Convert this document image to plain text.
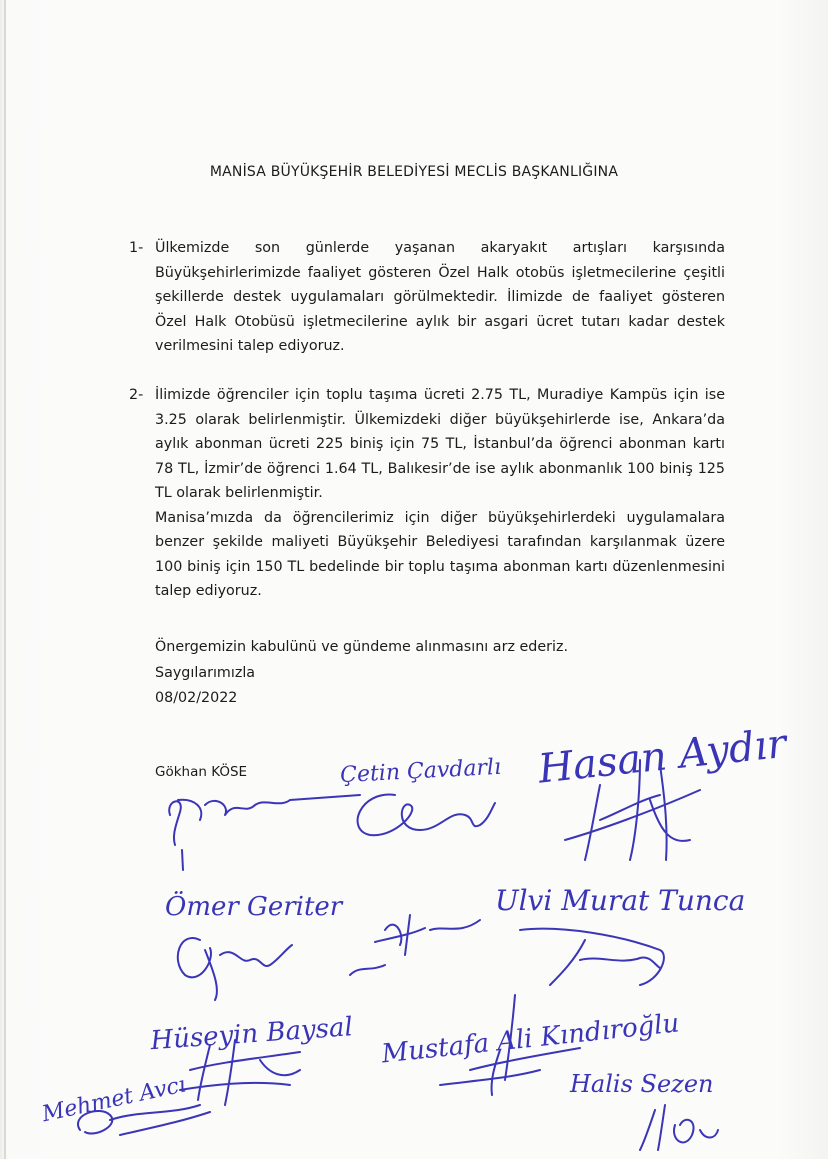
MANİSA BÜYÜKŞEHİR BELEDİYESİ MECLİS BAŞKANLIĞINA
1- Ülkemizde son günlerde yaşanan akaryakıt artışları karşısında Büyükşehirlerimizde faaliyet gösteren Özel Halk otobüs işletmecilerine çeşitli şekillerde destek uygulamaları görülmektedir. İlimizde de faaliyet gösteren Özel Halk Otobüsü işletmecilerine aylık bir asgari ücret tutarı kadar destek verilmesini talep ediyoruz.
2- İlimizde öğrenciler için toplu taşıma ücreti 2.75 TL, Muradiye Kampüs için ise 3.25 olarak belirlenmiştir. Ülkemizdeki diğer büyükşehirlerde ise, Ankara’da aylık abonman ücreti 225 biniş için 75 TL, İstanbul’da öğrenci abonman kartı 78 TL, İzmir’de öğrenci 1.64 TL, Balıkesir’de ise aylık abonmanlık 100 biniş 125 TL olarak belirlenmiştir.
Manisa’mızda da öğrencilerimiz için diğer büyükşehirlerdeki uygulamalara benzer şekilde maliyeti Büyükşehir Belediyesi tarafından karşılanmak üzere 100 biniş için 150 TL bedelinde bir toplu taşıma abonman kartı düzenlenmesini talep ediyoruz.
Önergemizin kabulünü ve gündeme alınmasını arz ederiz.
Saygılarımızla
08/02/2022
Gökhan KÖSE	Hasan Aydır
Çetin Çavdarlı
Ömer Geriter	Ulvi Murat Tunca
Hüseyin Baysal Mustafa Ali Kındıroğlu
Mehmet Avcı	Halis Sezen
